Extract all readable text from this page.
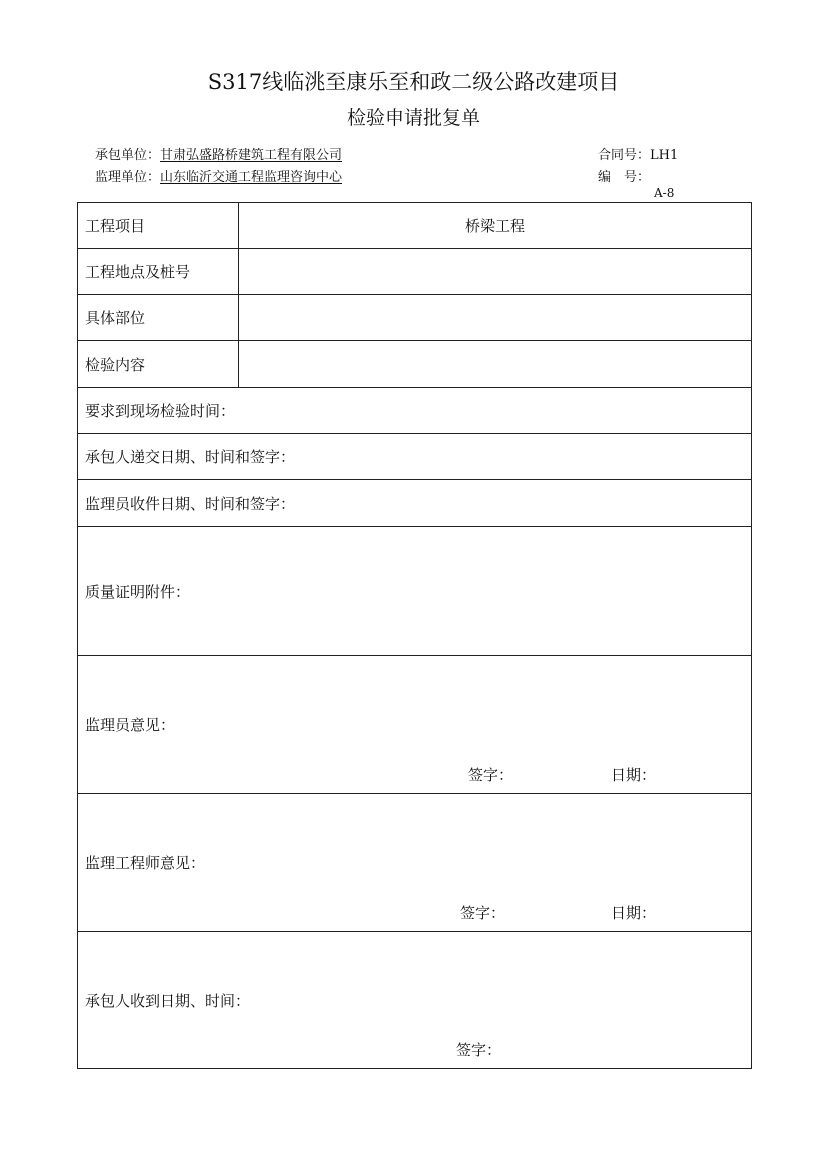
S317线临洮至康乐至和政二级公路改建项目
检验申请批复单
承包单位：甘肃弘盛路桥建筑工程有限公司
监理单位：山东临沂交通工程监理咨询中心
合同号：LH1
编　号：
A-8
工程项目	桥梁工程
工程地点及桩号	
具体部位	
检验内容	
要求到现场检验时间：	
承包人递交日期、时间和签字：	
监理员收件日期、时间和签字：	
质量证明附件：	
监理员意见：
签字： 日期：	

监理工程师意见：
签字： 日期：	

承包人收到日期、时间：
签字：	
